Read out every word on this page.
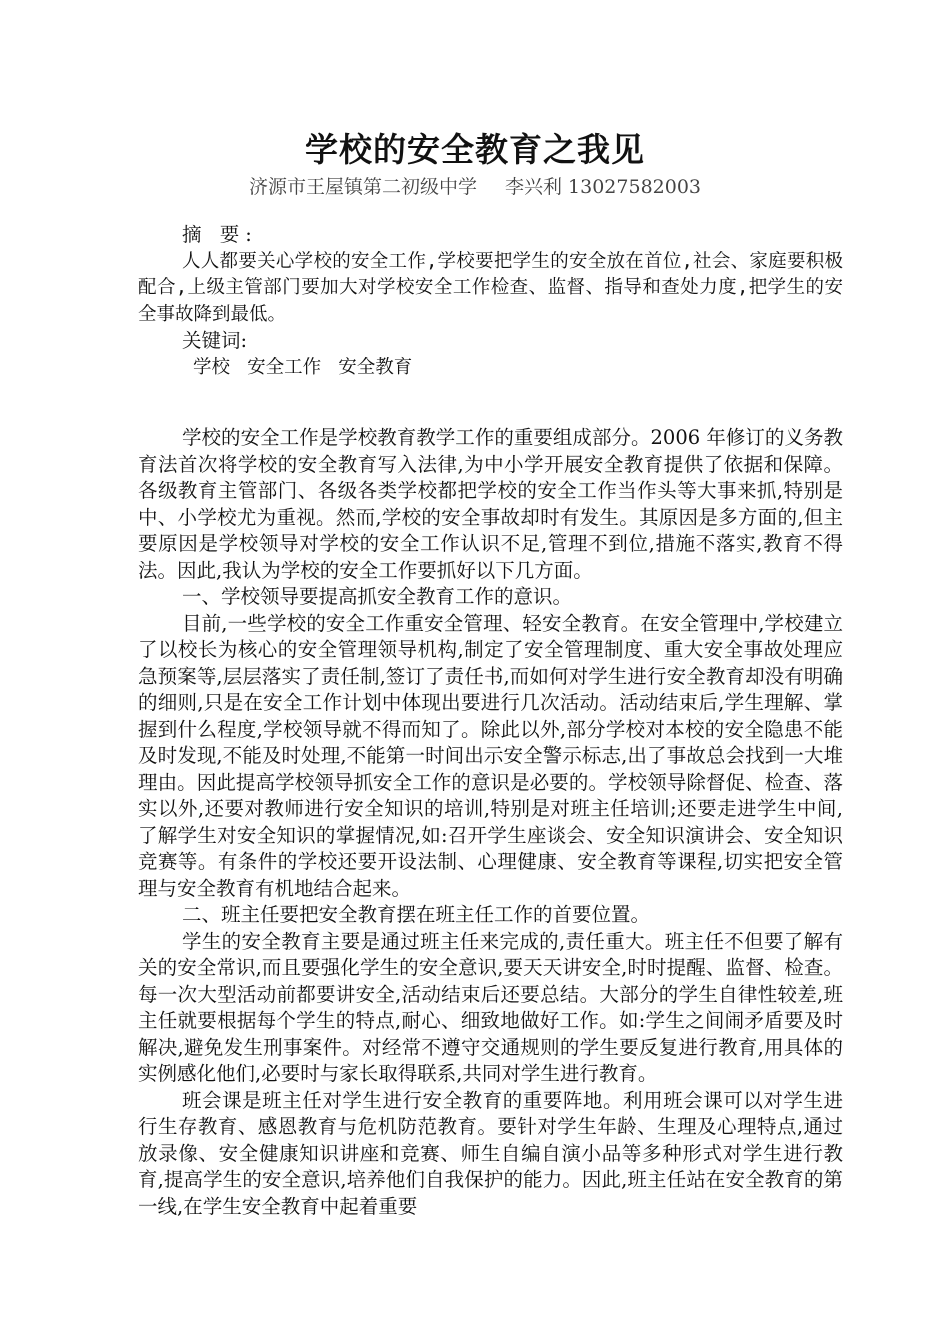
学校的安全教育之我见
济源市王屋镇第二初级中学 李兴利 13027582003

摘 要:

人人都要关心学校的安全工作,学校要把学生的安全放在首位,社会、家庭要积极配合,上级主管部门要加大对学校安全工作检查、监督、指导和查处力度,把学生的安全事故降到最低。

关键词:

学校 安全工作 安全教育

学校的安全工作是学校教育教学工作的重要组成部分。2006 年修订的义务教育法首次将学校的安全教育写入法律,为中小学开展安全教育提供了依据和保障。各级教育主管部门、各级各类学校都把学校的安全工作当作头等大事来抓,特别是中、小学校尤为重视。然而,学校的安全事故却时有发生。其原因是多方面的,但主要原因是学校领导对学校的安全工作认识不足,管理不到位,措施不落实,教育不得法。因此,我认为学校的安全工作要抓好以下几方面。

一、学校领导要提高抓安全教育工作的意识。

目前,一些学校的安全工作重安全管理、轻安全教育。在安全管理中,学校建立了以校长为核心的安全管理领导机构,制定了安全管理制度、重大安全事故处理应急预案等,层层落实了责任制,签订了责任书,而如何对学生进行安全教育却没有明确的细则,只是在安全工作计划中体现出要进行几次活动。活动结束后,学生理解、掌握到什么程度,学校领导就不得而知了。除此以外,部分学校对本校的安全隐患不能及时发现,不能及时处理,不能第一时间出示安全警示标志,出了事故总会找到一大堆理由。因此提高学校领导抓安全工作的意识是必要的。学校领导除督促、检查、落实以外,还要对教师进行安全知识的培训,特别是对班主任培训;还要走进学生中间,了解学生对安全知识的掌握情况,如:召开学生座谈会、安全知识演讲会、安全知识竞赛等。有条件的学校还要开设法制、心理健康、安全教育等课程,切实把安全管理与安全教育有机地结合起来。

二、班主任要把安全教育摆在班主任工作的首要位置。

学生的安全教育主要是通过班主任来完成的,责任重大。班主任不但要了解有关的安全常识,而且要强化学生的安全意识,要天天讲安全,时时提醒、监督、检查。每一次大型活动前都要讲安全,活动结束后还要总结。大部分的学生自律性较差,班主任就要根据每个学生的特点,耐心、细致地做好工作。如:学生之间闹矛盾要及时解决,避免发生刑事案件。对经常不遵守交通规则的学生要反复进行教育,用具体的实例感化他们,必要时与家长取得联系,共同对学生进行教育。

班会课是班主任对学生进行安全教育的重要阵地。利用班会课可以对学生进行生存教育、感恩教育与危机防范教育。要针对学生年龄、生理及心理特点,通过放录像、安全健康知识讲座和竞赛、师生自编自演小品等多种形式对学生进行教育,提高学生的安全意识,培养他们自我保护的能力。因此,班主任站在安全教育的第一线,在学生安全教育中起着重要
